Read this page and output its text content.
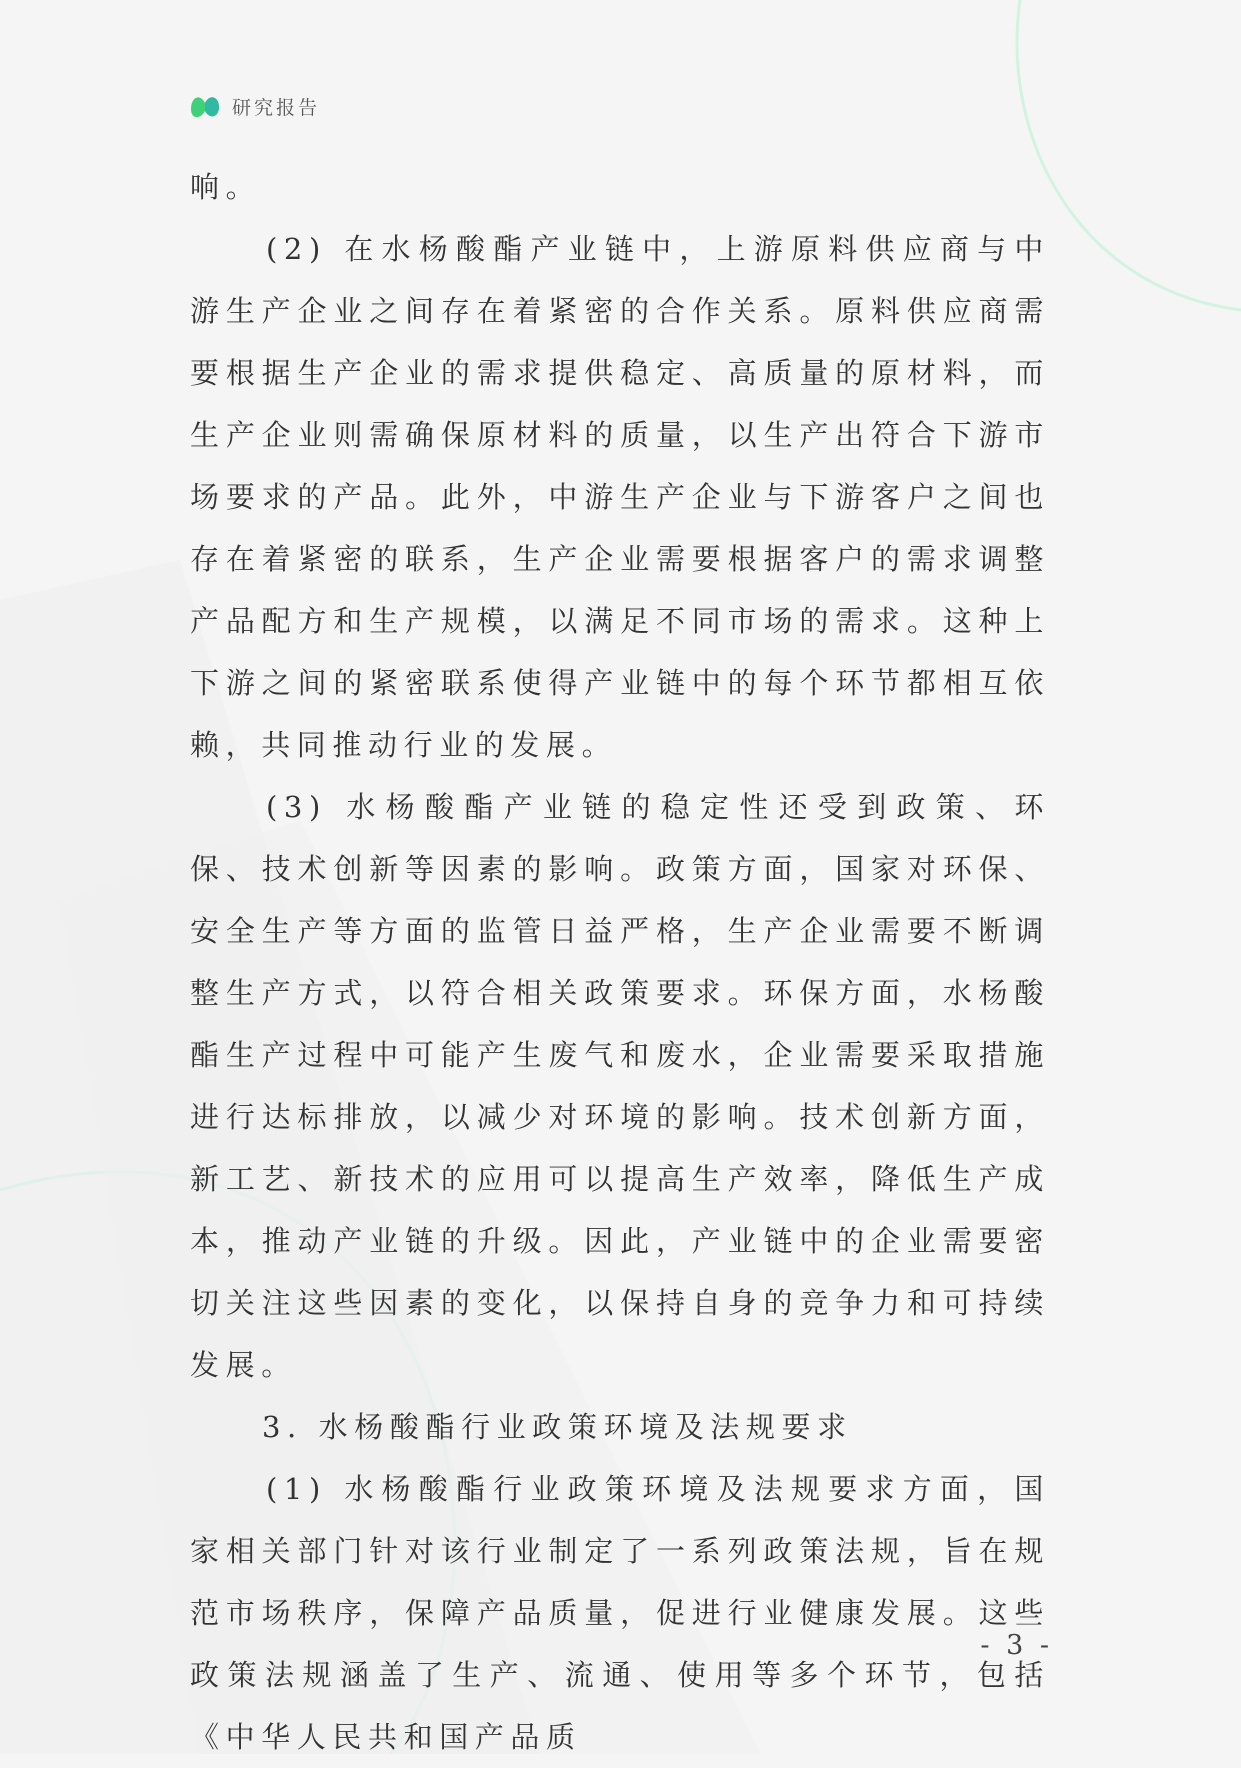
研究报告

响。

(2) 在水杨酸酯产业链中，上游原料供应商与中游生产企业之间存在着紧密的合作关系。原料供应商需要根据生产企业的需求提供稳定、高质量的原材料，而生产企业则需确保原材料的质量，以生产出符合下游市场要求的产品。此外，中游生产企业与下游客户之间也存在着紧密的联系，生产企业需要根据客户的需求调整产品配方和生产规模，以满足不同市场的需求。这种上下游之间的紧密联系使得产业链中的每个环节都相互依赖，共同推动行业的发展。

(3) 水杨酸酯产业链的稳定性还受到政策、环保、技术创新等因素的影响。政策方面，国家对环保、安全生产等方面的监管日益严格，生产企业需要不断调整生产方式，以符合相关政策要求。环保方面，水杨酸酯生产过程中可能产生废气和废水，企业需要采取措施进行达标排放，以减少对环境的影响。技术创新方面，新工艺、新技术的应用可以提高生产效率，降低生产成本，推动产业链的升级。因此，产业链中的企业需要密切关注这些因素的变化，以保持自身的竞争力和可持续发展。

3. 水杨酸酯行业政策环境及法规要求

(1) 水杨酸酯行业政策环境及法规要求方面，国家相关部门针对该行业制定了一系列政策法规，旨在规范市场秩序，保障产品质量，促进行业健康发展。这些政策法规涵盖了生产、流通、使用等多个环节，包括《中华人民共和国产品质

- 3 -
